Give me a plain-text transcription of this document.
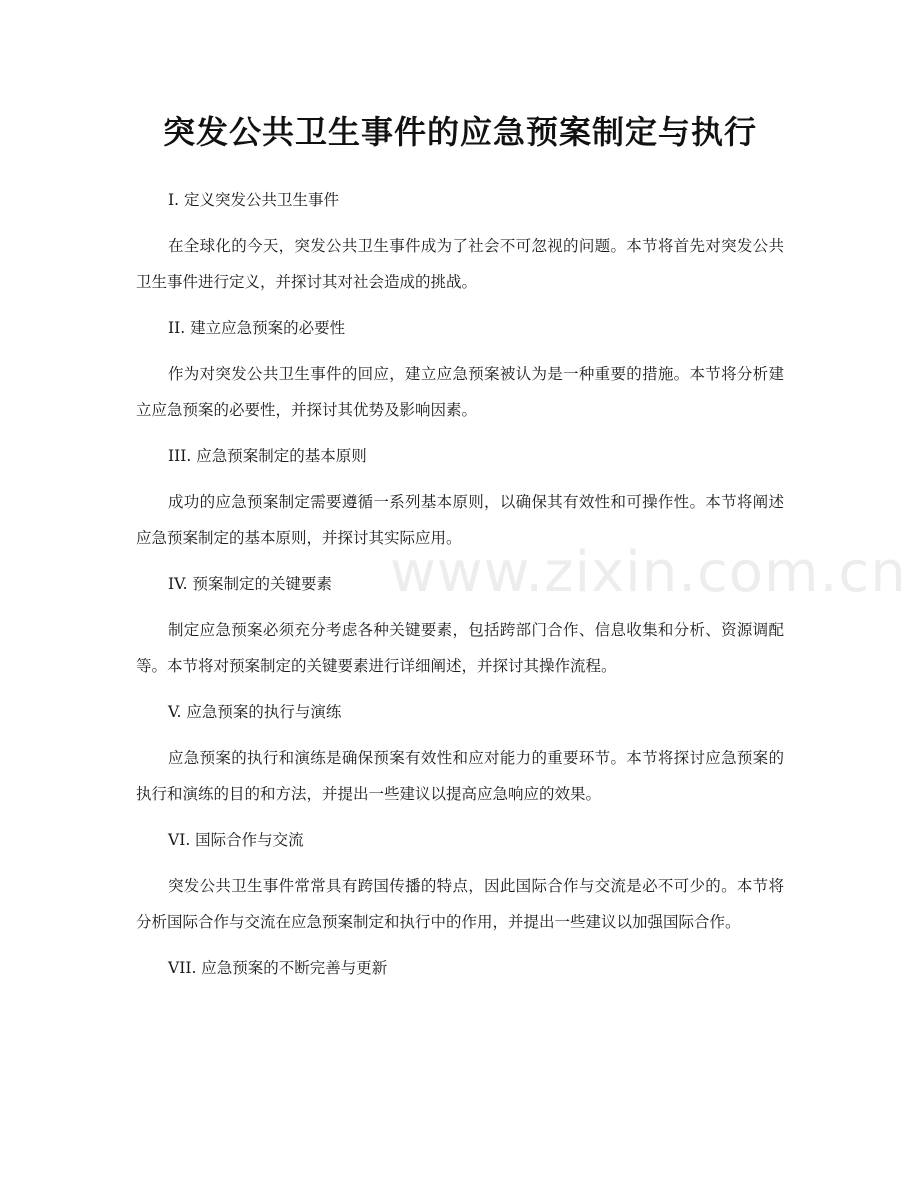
突发公共卫生事件的应急预案制定与执行
www.zixin.com.cn

I. 定义突发公共卫生事件

在全球化的今天，突发公共卫生事件成为了社会不可忽视的问题。本节将首先对突发公共卫生事件进行定义，并探讨其对社会造成的挑战。

II. 建立应急预案的必要性

作为对突发公共卫生事件的回应，建立应急预案被认为是一种重要的措施。本节将分析建立应急预案的必要性，并探讨其优势及影响因素。

III. 应急预案制定的基本原则

成功的应急预案制定需要遵循一系列基本原则，以确保其有效性和可操作性。本节将阐述应急预案制定的基本原则，并探讨其实际应用。

IV. 预案制定的关键要素

制定应急预案必须充分考虑各种关键要素，包括跨部门合作、信息收集和分析、资源调配等。本节将对预案制定的关键要素进行详细阐述，并探讨其操作流程。

V. 应急预案的执行与演练

应急预案的执行和演练是确保预案有效性和应对能力的重要环节。本节将探讨应急预案的执行和演练的目的和方法，并提出一些建议以提高应急响应的效果。

VI. 国际合作与交流

突发公共卫生事件常常具有跨国传播的特点，因此国际合作与交流是必不可少的。本节将分析国际合作与交流在应急预案制定和执行中的作用，并提出一些建议以加强国际合作。

VII. 应急预案的不断完善与更新
